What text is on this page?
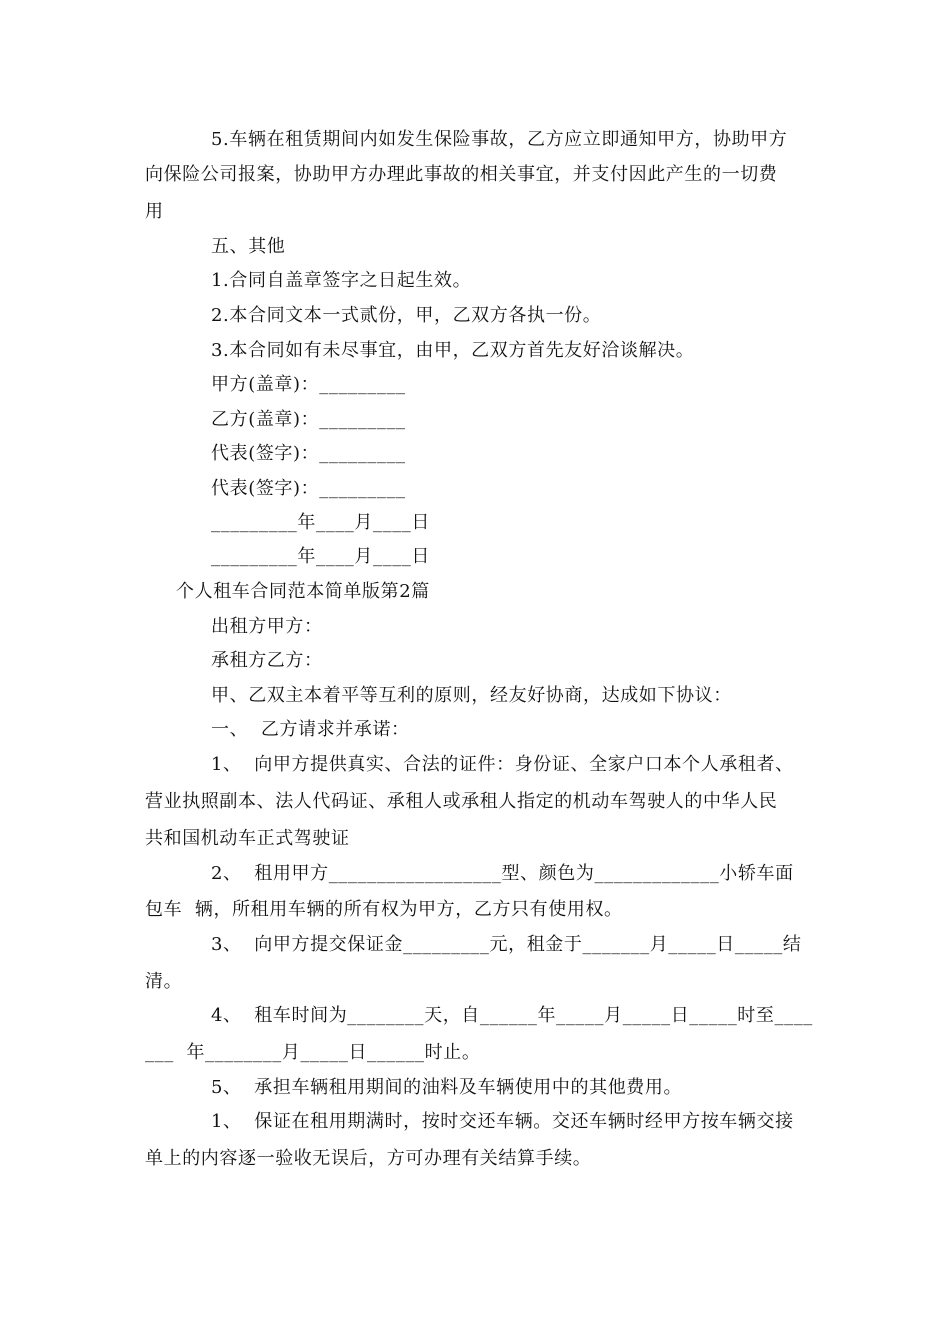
5.车辆在租赁期间内如发生保险事故，乙方应立即通知甲方，协助甲方
向保险公司报案，协助甲方办理此事故的相关事宜，并支付因此产生的一切费
用
五、其他
1.合同自盖章签字之日起生效。
2.本合同文本一式贰份，甲，乙双方各执一份。
3.本合同如有未尽事宜，由甲，乙双方首先友好洽谈解决。
甲方(盖章)：_________
乙方(盖章)：_________
代表(签字)：_________
代表(签字)：_________
_________年____月____日
_________年____月____日
个人租车合同范本简单版第2篇
出租方甲方：
承租方乙方：
甲、乙双主本着平等互利的原则，经友好协商，达成如下协议：
一、  乙方请求并承诺：
1、  向甲方提供真实、合法的证件：身份证、全家户口本个人承租者、
营业执照副本、法人代码证、承租人或承租人指定的机动车驾驶人的中华人民
共和国机动车正式驾驶证
2、  租用甲方__________________型、颜色为_____________小轿车面
包车  辆，所租用车辆的所有权为甲方，乙方只有使用权。
3、  向甲方提交保证金_________元，租金于_______月_____日_____结
清。
4、  租车时间为________天，自______年_____月_____日_____时至____
___  年________月_____日______时止。
5、  承担车辆租用期间的油料及车辆使用中的其他费用。
1、  保证在租用期满时，按时交还车辆。交还车辆时经甲方按车辆交接
单上的内容逐一验收无误后，方可办理有关结算手续。
